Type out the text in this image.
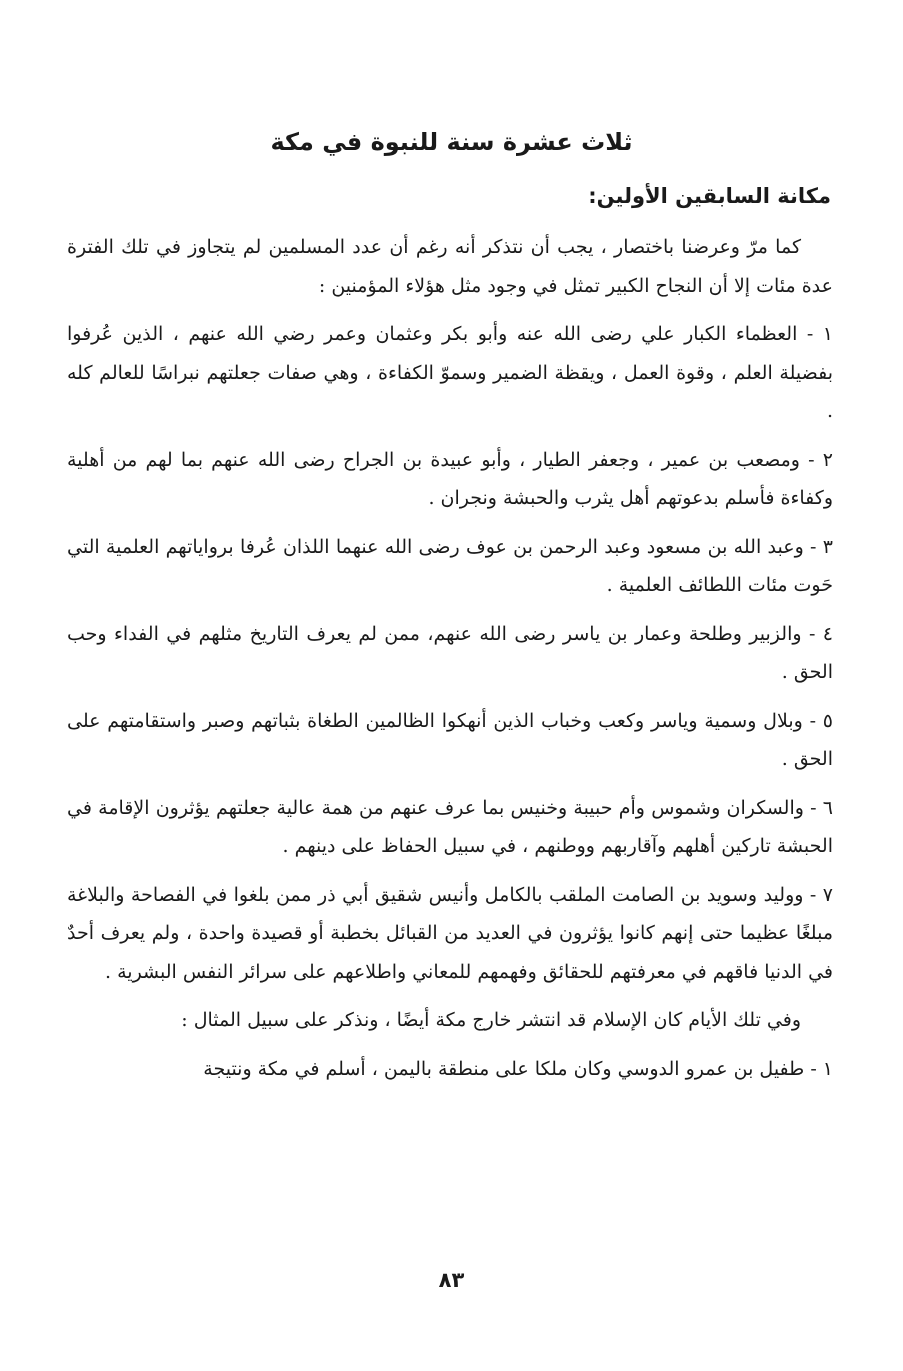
ثلاث عشرة سنة للنبوة في مكة
مكانة السابقين الأولين:

كما مرّ وعرضنا باختصار ، يجب أن نتذكر أنه رغم أن عدد المسلمين لم يتجاوز في تلك الفترة عدة مئات إلا أن النجاح الكبير تمثل في وجود مثل هؤلاء المؤمنين :

١ - العظماء الكبار علي رضى الله عنه وأبو بكر وعثمان وعمر رضي الله عنهم ، الذين عُرفوا بفضيلة العلم ، وقوة العمل ، ويقظة الضمير وسموّ الكفاءة ، وهي صفات جعلتهم نبراسًا للعالم كله .

٢ - ومصعب بن عمير ، وجعفر الطيار ، وأبو عبيدة بن الجراح رضى الله عنهم بما لهم من أهلية وكفاءة فأسلم بدعوتهم أهل يثرب والحبشة ونجران .

٣ - وعبد الله بن مسعود وعبد الرحمن بن عوف رضى الله عنهما اللذان عُرفا برواياتهم العلمية التي حَوت مئات اللطائف العلمية .

٤ - والزبير وطلحة وعمار بن ياسر رضى الله عنهم، ممن لم يعرف التاريخ مثلهم في الفداء وحب الحق .

٥ - وبلال وسمية وياسر وكعب وخباب الذين أنهكوا الظالمين الطغاة بثباتهم وصبر واستقامتهم على الحق .

٦ - والسكران وشموس وأم حبيبة وخنيس بما عرف عنهم من همة عالية جعلتهم يؤثرون الإقامة في الحبشة تاركين أهلهم وآقاربهم ووطنهم ، في سبيل الحفاظ على دينهم .

٧ - ووليد وسويد بن الصامت الملقب بالكامل وأنيس شقيق أبي ذر ممن بلغوا في الفصاحة والبلاغة مبلغًا عظيما حتى إنهم كانوا يؤثرون في العديد من القبائل بخطبة أو قصيدة واحدة ، ولم يعرف أحدٌ في الدنيا فاقهم في معرفتهم للحقائق وفهمهم للمعاني واطلاعهم على سرائر النفس البشرية .

وفي تلك الأيام كان الإسلام قد انتشر خارج مكة أيضًا ، ونذكر على سبيل المثال :

١ - طفيل بن عمرو الدوسي وكان ملكا على منطقة باليمن ، أسلم في مكة ونتيجة

٨٣
